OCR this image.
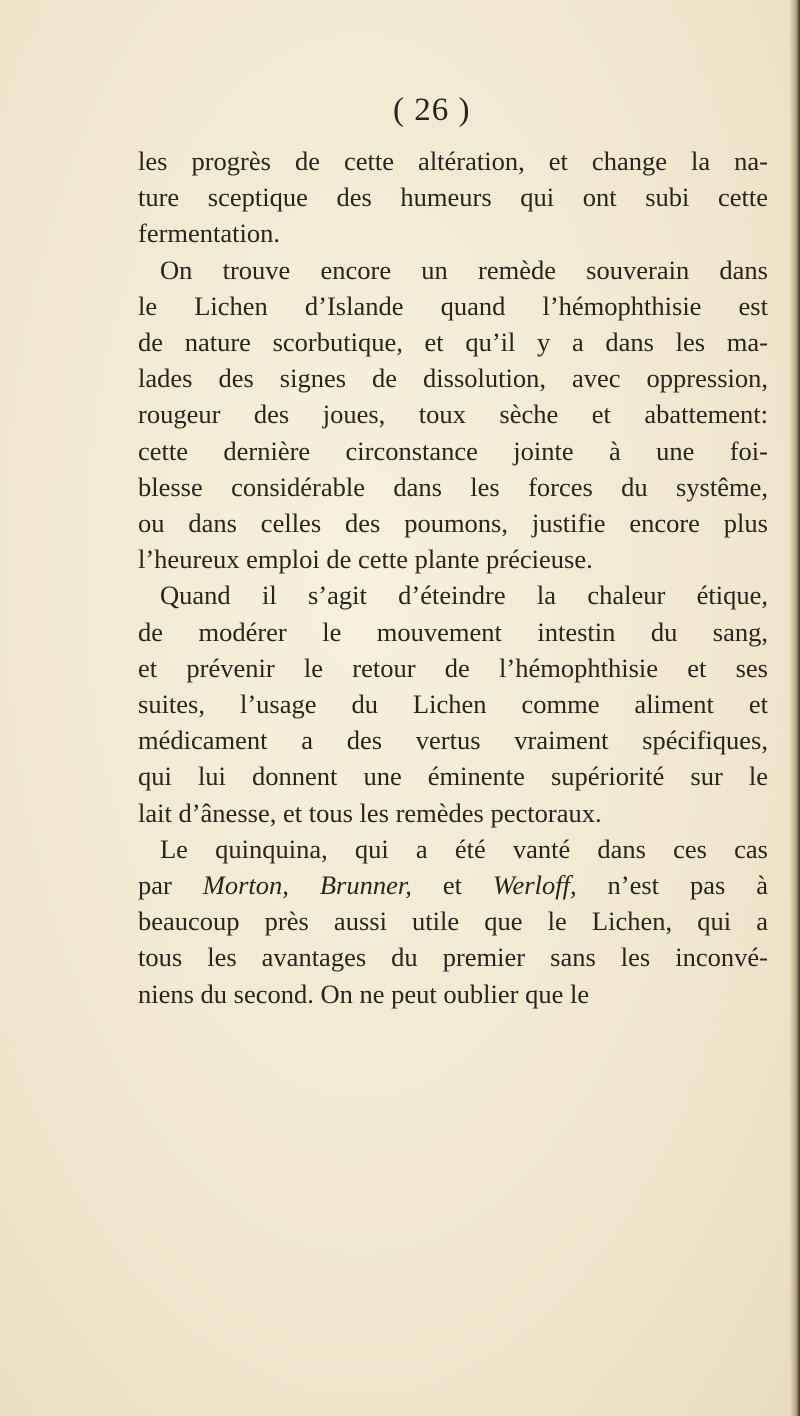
( 26 )
les progrès de cette altération, et change la na-
ture sceptique des humeurs qui ont subi cette
fermentation.
On trouve encore un remède souverain dans
le Lichen d’Islande quand l’hémophthisie est
de nature scorbutique, et qu’il y a dans les ma-
lades des signes de dissolution, avec oppression,
rougeur des joues, toux sèche et abattement:
cette dernière circonstance jointe à une foi-
blesse considérable dans les forces du systême,
ou dans celles des poumons, justifie encore plus
l’heureux emploi de cette plante précieuse.
Quand il s’agit d’éteindre la chaleur étique,
de modérer le mouvement intestin du sang,
et prévenir le retour de l’hémophthisie et ses
suites, l’usage du Lichen comme aliment et
médicament a des vertus vraiment spécifiques,
qui lui donnent une éminente supériorité sur le
lait d’ânesse, et tous les remèdes pectoraux.
Le quinquina, qui a été vanté dans ces cas
par Morton, Brunner, et Werloff, n’est pas à
beaucoup près aussi utile que le Lichen, qui a
tous les avantages du premier sans les inconvé-
niens du second. On ne peut oublier que le
